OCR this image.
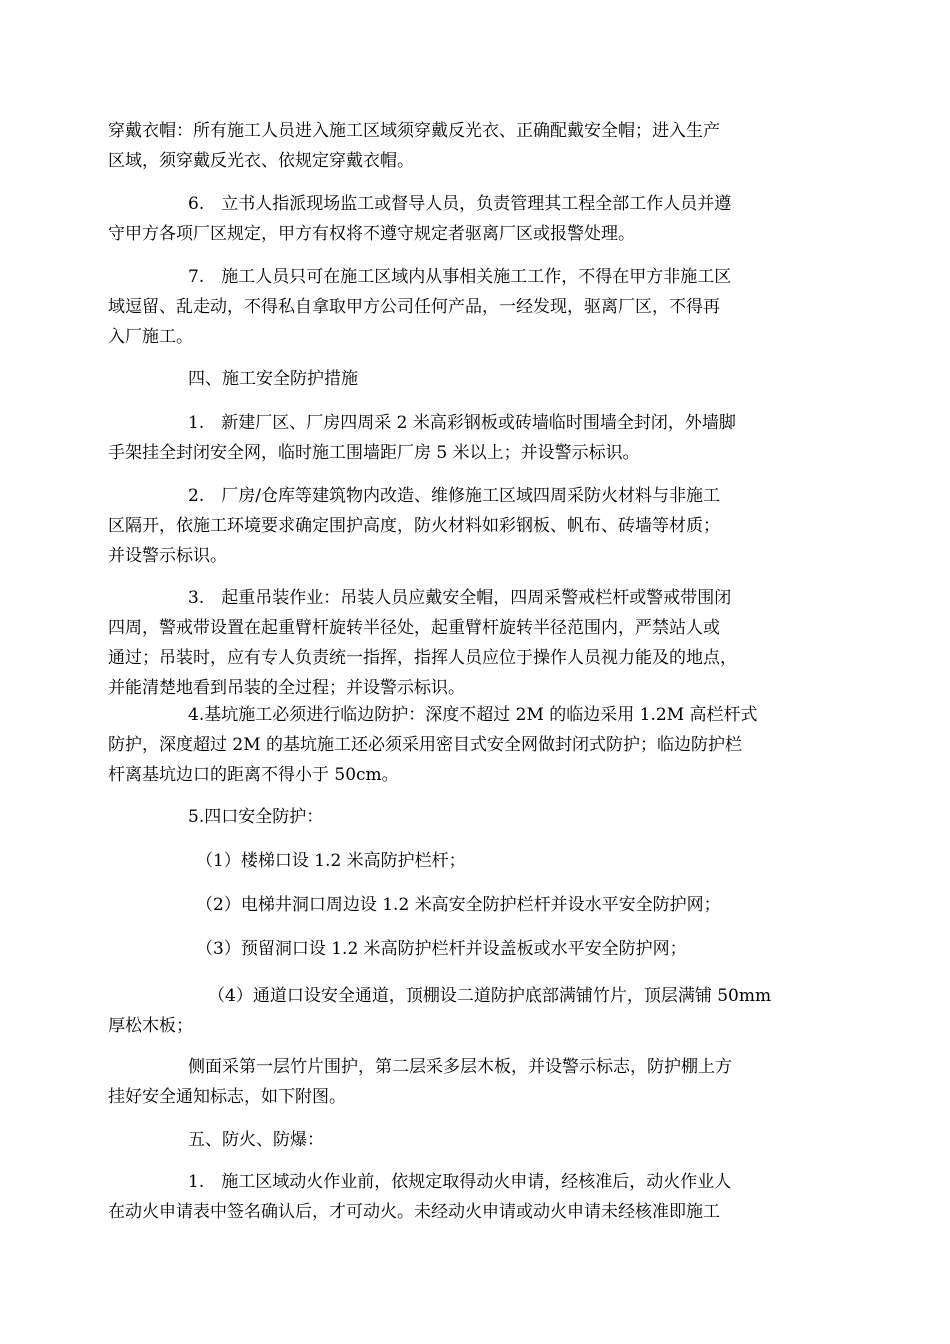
穿戴衣帽：所有施工人员进入施工区域须穿戴反光衣、正确配戴安全帽；进入生产
区域，须穿戴反光衣、依规定穿戴衣帽。
6.　立书人指派现场监工或督导人员，负责管理其工程全部工作人员并遵
守甲方各项厂区规定，甲方有权将不遵守规定者驱离厂区或报警处理。
7.　施工人员只可在施工区域内从事相关施工工作，不得在甲方非施工区
域逗留、乱走动，不得私自拿取甲方公司任何产品，一经发现，驱离厂区，不得再
入厂施工。
四、施工安全防护措施
1.　新建厂区、厂房四周采 2 米高彩钢板或砖墙临时围墙全封闭，外墙脚
手架挂全封闭安全网，临时施工围墙距厂房 5 米以上；并设警示标识。
2.　厂房/仓库等建筑物内改造、维修施工区域四周采防火材料与非施工
区隔开，依施工环境要求确定围护高度，防火材料如彩钢板、帆布、砖墙等材质；
并设警示标识。
3.　起重吊装作业：吊装人员应戴安全帽，四周采警戒栏杆或警戒带围闭
四周，警戒带设置在起重臂杆旋转半径处，起重臂杆旋转半径范围内，严禁站人或
通过；吊装时，应有专人负责统一指挥，指挥人员应位于操作人员视力能及的地点，
并能清楚地看到吊装的全过程；并设警示标识。
4.基坑施工必须进行临边防护：深度不超过 2M 的临边采用 1.2M 高栏杆式
防护，深度超过 2M 的基坑施工还必须采用密目式安全网做封闭式防护；临边防护栏
杆离基坑边口的距离不得小于 50cm。
5.四口安全防护：
（1）楼梯口设 1.2 米高防护栏杆；
（2）电梯井洞口周边设 1.2 米高安全防护栏杆并设水平安全防护网；
（3）预留洞口设 1.2 米高防护栏杆并设盖板或水平安全防护网；
（4）通道口设安全通道，顶棚设二道防护底部满铺竹片，顶层满铺 50mm
厚松木板；
侧面采第一层竹片围护，第二层采多层木板，并设警示标志，防护棚上方
挂好安全通知标志，如下附图。
五、防火、防爆：
1.　施工区域动火作业前，依规定取得动火申请，经核准后，动火作业人
在动火申请表中签名确认后，才可动火。未经动火申请或动火申请未经核准即施工
